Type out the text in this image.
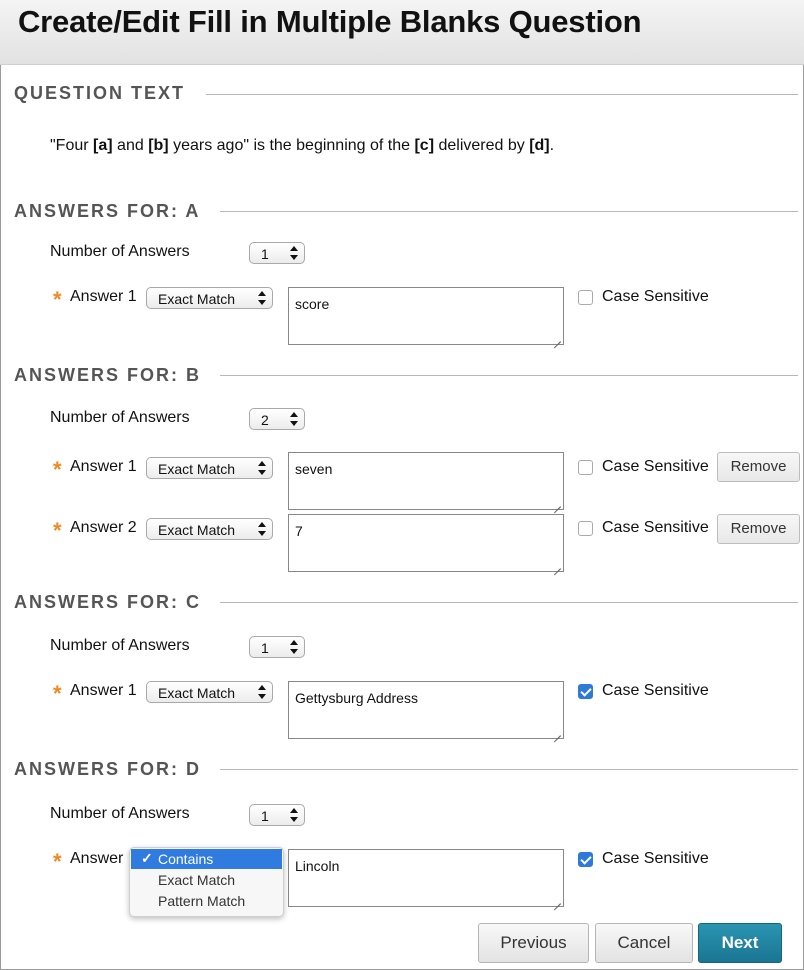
Create/Edit Fill in Multiple Blanks Question
QUESTION TEXT
"Four [a] and [b] years ago" is the beginning of the [c] delivered by [d].
ANSWERS FOR: A
Number of Answers	1
* Answer 1 Exact Match	score	Case Sensitive
ANSWERS FOR: B
Number of Answers	2
* Answer 1 Exact Match	seven	Case Sensitive	Remove
* Answer 2 Exact Match	7	Case Sensitive	Remove
ANSWERS FOR: C
Number of Answers	1
* Answer 1 Exact Match	Gettysburg Address	Case Sensitive
ANSWERS FOR: D
Number of Answers	1
* Answer	Lincoln	Case Sensitive
✓ Contains
Exact Match
Pattern Match
Previous	Cancel	Next
